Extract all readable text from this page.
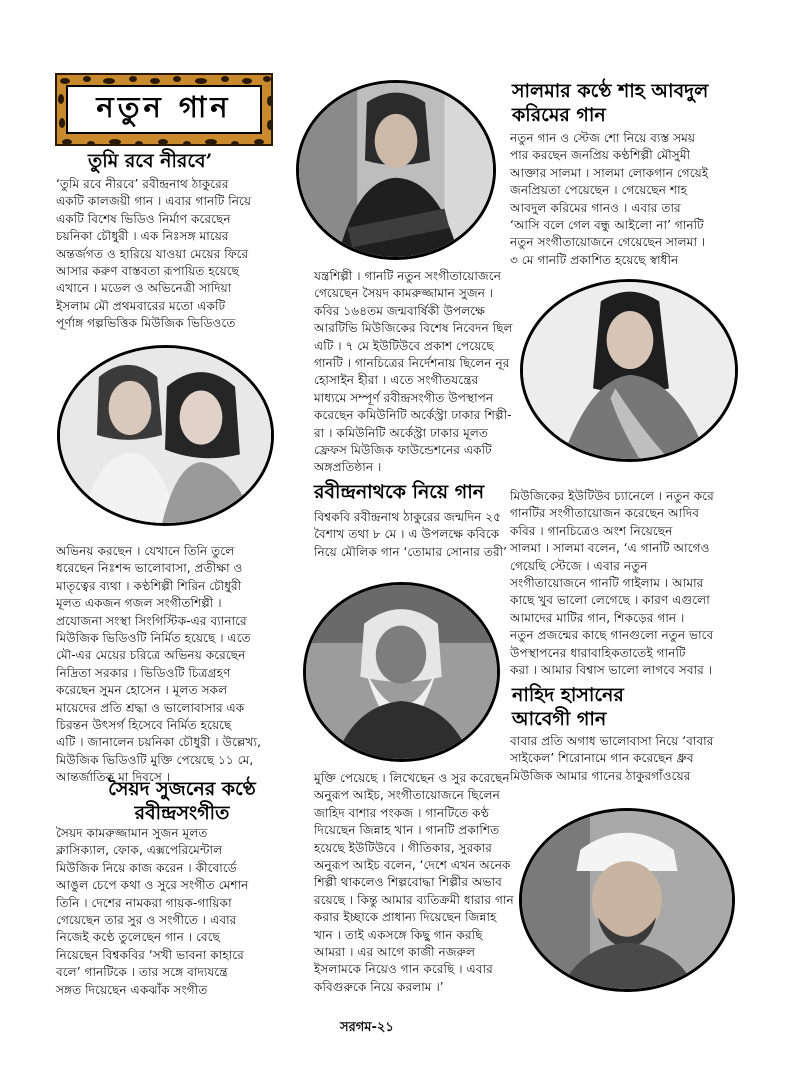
নতুন গান
তুমি রবে নীরবে’
‘তুমি রবে নীরবে’ রবীন্দ্রনাথ ঠাকুরের
একটি কালজয়ী গান । এবার গানটি নিয়ে
একটি বিশেষ ভিডিও নির্মাণ করেছেন
চয়নিকা চৌধুরী । এক নিঃসঙ্গ মায়ের
অন্তর্জগত ও হারিয়ে যাওয়া মেয়ের ফিরে
আসার করুণ বাস্তবতা রূপায়িত হয়েছে
এখানে । মডেল ও অভিনেত্রী সাদিয়া
ইসলাম মৌ প্রথমবারের মতো একটি
পূর্ণাঙ্গ গল্পভিত্তিক মিউজিক ভিডিওতে
অভিনয় করছেন । যেখানে তিনি তুলে
ধরেছেন নিঃশব্দ ভালোবাসা, প্রতীক্ষা ও
মাতৃত্বের ব্যথা । কণ্ঠশিল্পী শিরিন চৌধুরী
মূলত একজন গজল সংগীতশিল্পী ।
প্রযোজনা সংস্থা সিংগিস্টিক-এর ব্যানারে
মিউজিক ভিডিওটি নির্মিত হয়েছে । এতে
মৌ-এর মেয়ের চরিত্রে অভিনয় করেছেন
নিদ্রিতা সরকার । ভিডিওটি চিত্রগ্রহণ
করেছেন সুমন হোসেন । মূলত সকল
মায়েদের প্রতি শ্রদ্ধা ও ভালোবাসার এক
চিরন্তন উৎসর্গ হিসেবে নির্মিত হয়েছে
এটি । জানালেন চয়নিকা চৌধুরী । উল্লেখ্য,
মিউজিক ভিডিওটি মুক্তি পেয়েছে ১১ মে,
আন্তর্জাতিক মা দিবসে ।
সৈয়দ সুজনের কণ্ঠে
রবীন্দ্রসংগীত
সৈয়দ কামরুজ্জামান সুজন মূলত
ক্লাসিক্যাল, ফোক, এক্সপেরিমেন্টাল
মিউজিক নিয়ে কাজ করেন । কীবোর্ডে
আঙুল চেপে কথা ও সুরে সংগীত মেশান
তিনি । দেশের নামকরা গায়ক-গায়িকা
গেয়েছেন তার সুর ও সংগীতে । এবার
নিজেই কণ্ঠে তুলেছেন গান । বেছে
নিয়েছেন বিশ্বকবির ‘সখী ভাবনা কাহারে
বলে’ গানটিকে । তার সঙ্গে বাদ্যযন্ত্রে
সঙ্গত দিয়েছেন একঝাঁক সংগীত
যন্ত্রশিল্পী । গানটি নতুন সংগীতায়োজনে
গেয়েছেন সৈয়দ কামরুজ্জামান সুজন ।
কবির ১৬৪তম জন্মবার্ষিকী উপলক্ষে
আরটিভি মিউজিকের বিশেষ নিবেদন ছিল
এটি । ৭ মে ইউটিউবে প্রকাশ পেয়েছে
গানটি । গানচিত্রের নির্দেশনায় ছিলেন নূর
হোসাইন হীরা । এতে সংগীতযন্ত্রের
মাধ্যমে সম্পূর্ণ রবীন্দ্রসংগীত উপস্থাপন
করেছেন কমিউনিটি অর্কেস্ট্রা ঢাকার শিল্পী-
রা । কমিউনিটি অর্কেস্ট্রা ঢাকার মূলত
ফ্রেফস মিউজিক ফাউন্ডেশনের একটি
অঙ্গপ্রতিষ্ঠান ।
রবীন্দ্রনাথকে নিয়ে গান
বিশ্বকবি রবীন্দ্রনাথ ঠাকুরের জন্মদিন ২৫
বৈশাখ তথা ৮ মে । এ উপলক্ষে কবিকে
নিয়ে মৌলিক গান ‘তোমার সোনার তরী’
মুক্তি পেয়েছে । লিখেছেন ও সুর করেছেন
অনুরূপ আইচ, সংগীতায়োজনে ছিলেন
জাহিদ বাশার পংকজ । গানটিতে কণ্ঠ
দিয়েছেন জিন্নাহ খান । গানটি প্রকাশিত
হয়েছে ইউটিউবে । গীতিকার, সুরকার
অনুরূপ আইচ বলেন, ‘দেশে এখন অনেক
শিল্পী থাকলেও শিল্পবোদ্ধা শিল্পীর অভাব
রয়েছে । কিন্তু আমার ব্যতিক্রমী ধারার গান
করার ইচ্ছাকে প্রাধান্য দিয়েছেন জিন্নাহ
খান । তাই একসঙ্গে কিছু গান করছি
আমরা । এর আগে কাজী নজরুল
ইসলামকে নিয়েও গান করেছি । এবার
কবিগুরুকে নিয়ে করলাম ।’
সালমার কণ্ঠে শাহ আবদুল
করিমের গান
নতুন গান ও স্টেজ শো নিয়ে ব্যস্ত সময়
পার করছেন জনপ্রিয় কণ্ঠশিল্পী মৌসুমী
আক্তার সালমা । সালমা লোকগান গেয়েই
জনপ্রিয়তা পেয়েছেন । গেয়েছেন শাহ
আবদুল করিমের গানও । এবার তার
‘আসি বলে গেল বন্ধু আইলো না’ গানটি
নতুন সংগীতায়োজনে গেয়েছেন সালমা ।
৩ মে গানটি প্রকাশিত হয়েছে স্বাধীন
মিউজিকের ইউটিউব চ্যানেলে । নতুন করে
গানটির সংগীতায়োজন করেছেন আদিব
কবির । গানচিত্রেও অংশ নিয়েছেন
সালমা । সালমা বলেন, ‘এ গানটি আগেও
গেয়েছি স্টেজে । এবার নতুন
সংগীতায়োজনে গানটি গাইলাম । আমার
কাছে খুব ভালো লেগেছে । কারণ এগুলো
আমাদের মাটির গান, শিকড়ের গান ।
নতুন প্রজন্মের কাছে গানগুলো নতুন ভাবে
উপস্থাপনের ধারাবাহিকতাতেই গানটি
করা । আমার বিশ্বাস ভালো লাগবে সবার ।
নাহিদ হাসানের
আবেগী গান
বাবার প্রতি অগাধ ভালোবাসা নিয়ে ‘বাবার
সাইকেল’ শিরোনামে গান করেছেন ধ্রুব
মিউজিক আমার গানের ঠাকুরগাঁওয়ের
সরগম-২১
